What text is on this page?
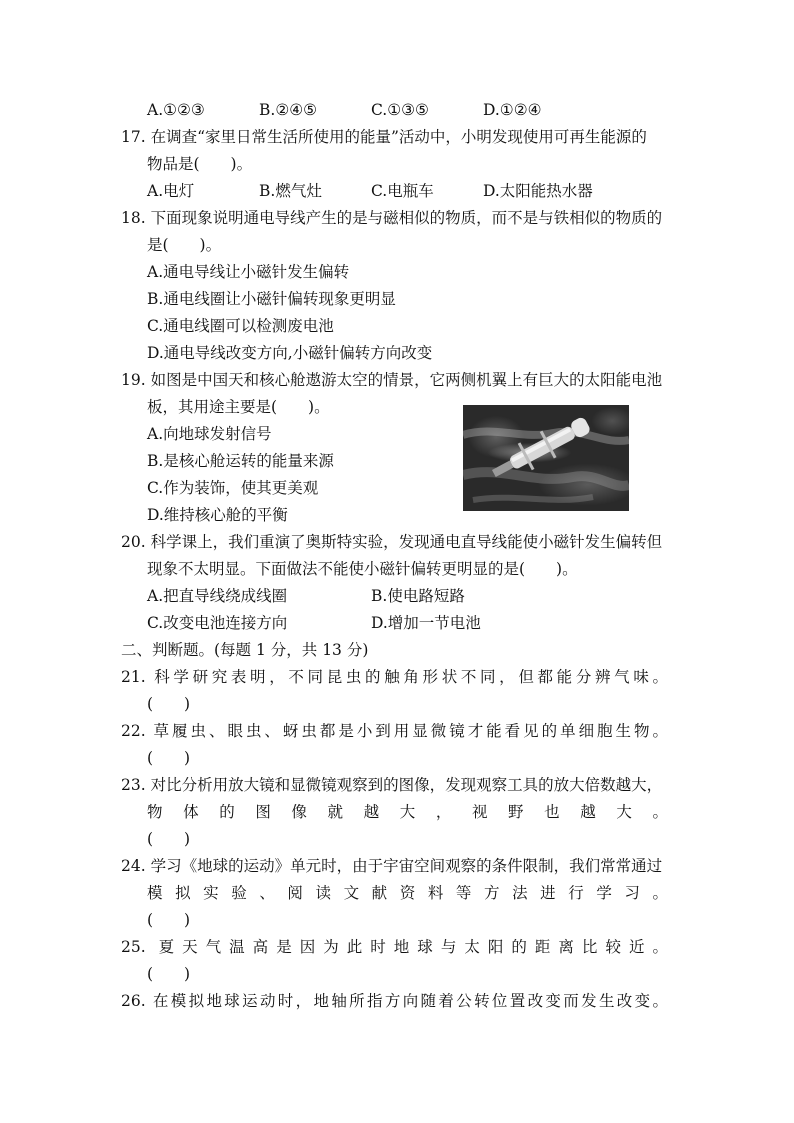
A.①②③	B.②④⑤	C.①③⑤	D.①②④
17. 在调查“家里日常生活所使用的能量”活动中，小明发现使用可再生能源的
物品是(　　)。
A.电灯	B.燃气灶	C.电瓶车	D.太阳能热水器
18. 下面现象说明通电导线产生的是与磁相似的物质，而不是与铁相似的物质的
是(　　)。
A.通电导线让小磁针发生偏转
B.通电线圈让小磁针偏转现象更明显
C.通电线圈可以检测废电池
D.通电导线改变方向,小磁针偏转方向改变
19. 如图是中国天和核心舱遨游太空的情景，它两侧机翼上有巨大的太阳能电池
板，其用途主要是(　　)。
A.向地球发射信号
B.是核心舱运转的能量来源
C.作为装饰，使其更美观
D.维持核心舱的平衡
20. 科学课上，我们重演了奥斯特实验，发现通电直导线能使小磁针发生偏转但
现象不太明显。下面做法不能使小磁针偏转更明显的是(　　)。
A.把直导线绕成线圈	B.使电路短路
C.改变电池连接方向	D.增加一节电池
二、判断题。(每题 1 分，共 13 分)
21. 科学研究表明，不同昆虫的触角形状不同，但都能分辨气味。
(　　)
22. 草履虫、眼虫、蚜虫都是小到用显微镜才能看见的单细胞生物。
(　　)
23. 对比分析用放大镜和显微镜观察到的图像，发现观察工具的放大倍数越大，
物体的图像就越大，视野也越大。
(　　)
24. 学习《地球的运动》单元时，由于宇宙空间观察的条件限制，我们常常通过
模拟实验、阅读文献资料等方法进行学习。
(　　)
25. 夏天气温高是因为此时地球与太阳的距离比较近。
(　　)
26. 在模拟地球运动时，地轴所指方向随着公转位置改变而发生改变。
